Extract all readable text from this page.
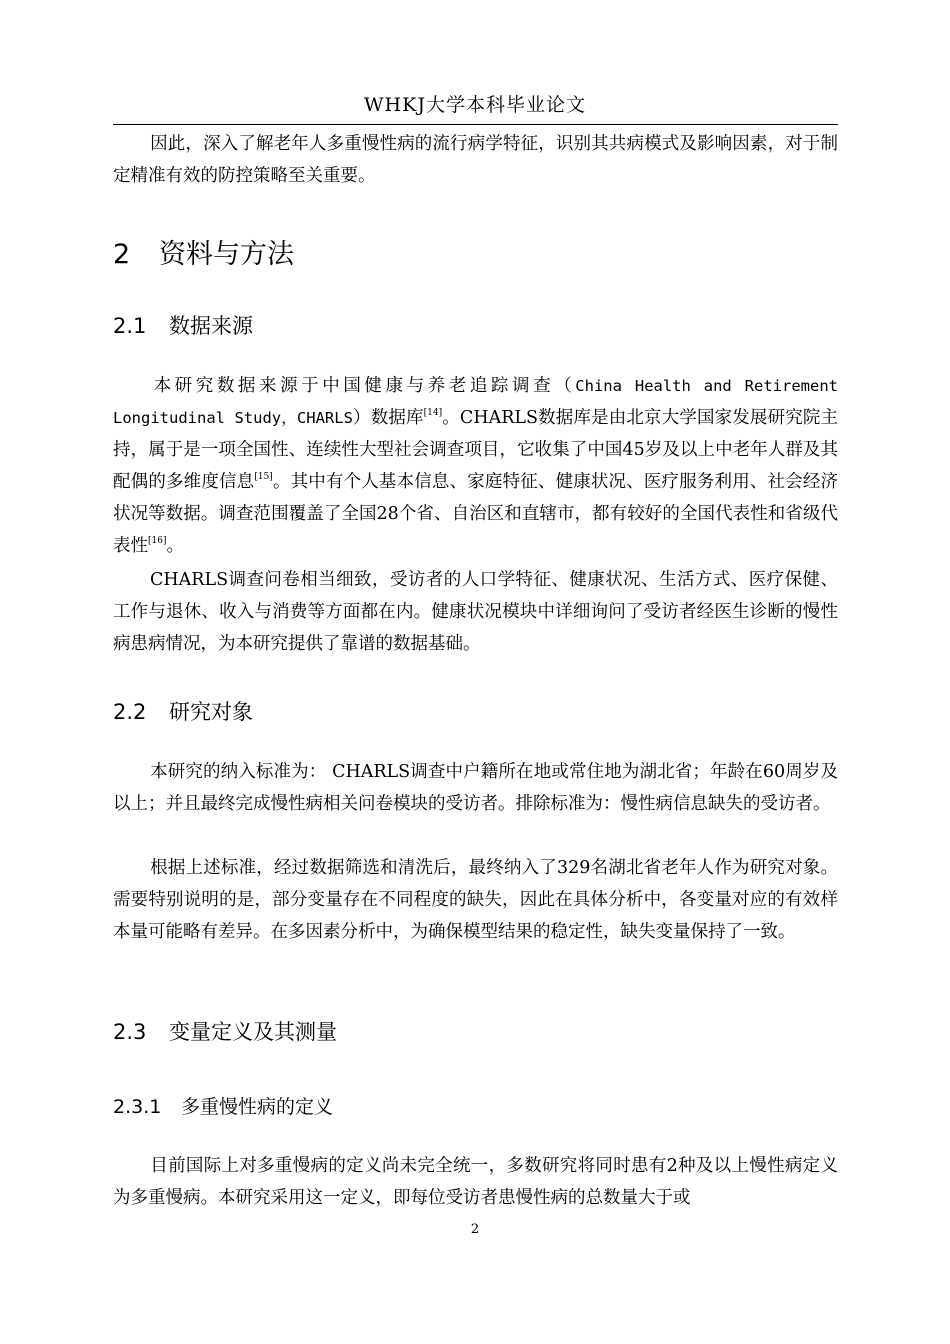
WHKJ大学本科毕业论文
因此，深入了解老年人多重慢性病的流行病学特征，识别其共病模式及影响因素，对于制定精准有效的防控策略至关重要。
2 资料与方法
2.1 数据来源
本研究数据来源于中国健康与养老追踪调查（China Health and Retirement Longitudinal Study，CHARLS）数据库[14]。CHARLS数据库是由北京大学国家发展研究院主持，属于是一项全国性、连续性大型社会调查项目，它收集了中国45岁及以上中老年人群及其配偶的多维度信息[15]。其中有个人基本信息、家庭特征、健康状况、医疗服务利用、社会经济状况等数据。调查范围覆盖了全国28个省、自治区和直辖市，都有较好的全国代表性和省级代表性[16]。
CHARLS调查问卷相当细致，受访者的人口学特征、健康状况、生活方式、医疗保健、工作与退休、收入与消费等方面都在内。健康状况模块中详细询问了受访者经医生诊断的慢性病患病情况，为本研究提供了靠谱的数据基础。
2.2 研究对象
本研究的纳入标准为： CHARLS调查中户籍所在地或常住地为湖北省；年龄在60周岁及以上；并且最终完成慢性病相关问卷模块的受访者。排除标准为：慢性病信息缺失的受访者。
根据上述标准，经过数据筛选和清洗后，最终纳入了329名湖北省老年人作为研究对象。需要特别说明的是，部分变量存在不同程度的缺失，因此在具体分析中，各变量对应的有效样本量可能略有差异。在多因素分析中，为确保模型结果的稳定性，缺失变量保持了一致。
2.3 变量定义及其测量
2.3.1 多重慢性病的定义
目前国际上对多重慢病的定义尚未完全统一，多数研究将同时患有2种及以上慢性病定义为多重慢病。本研究采用这一定义，即每位受访者患慢性病的总数量大于或
2
